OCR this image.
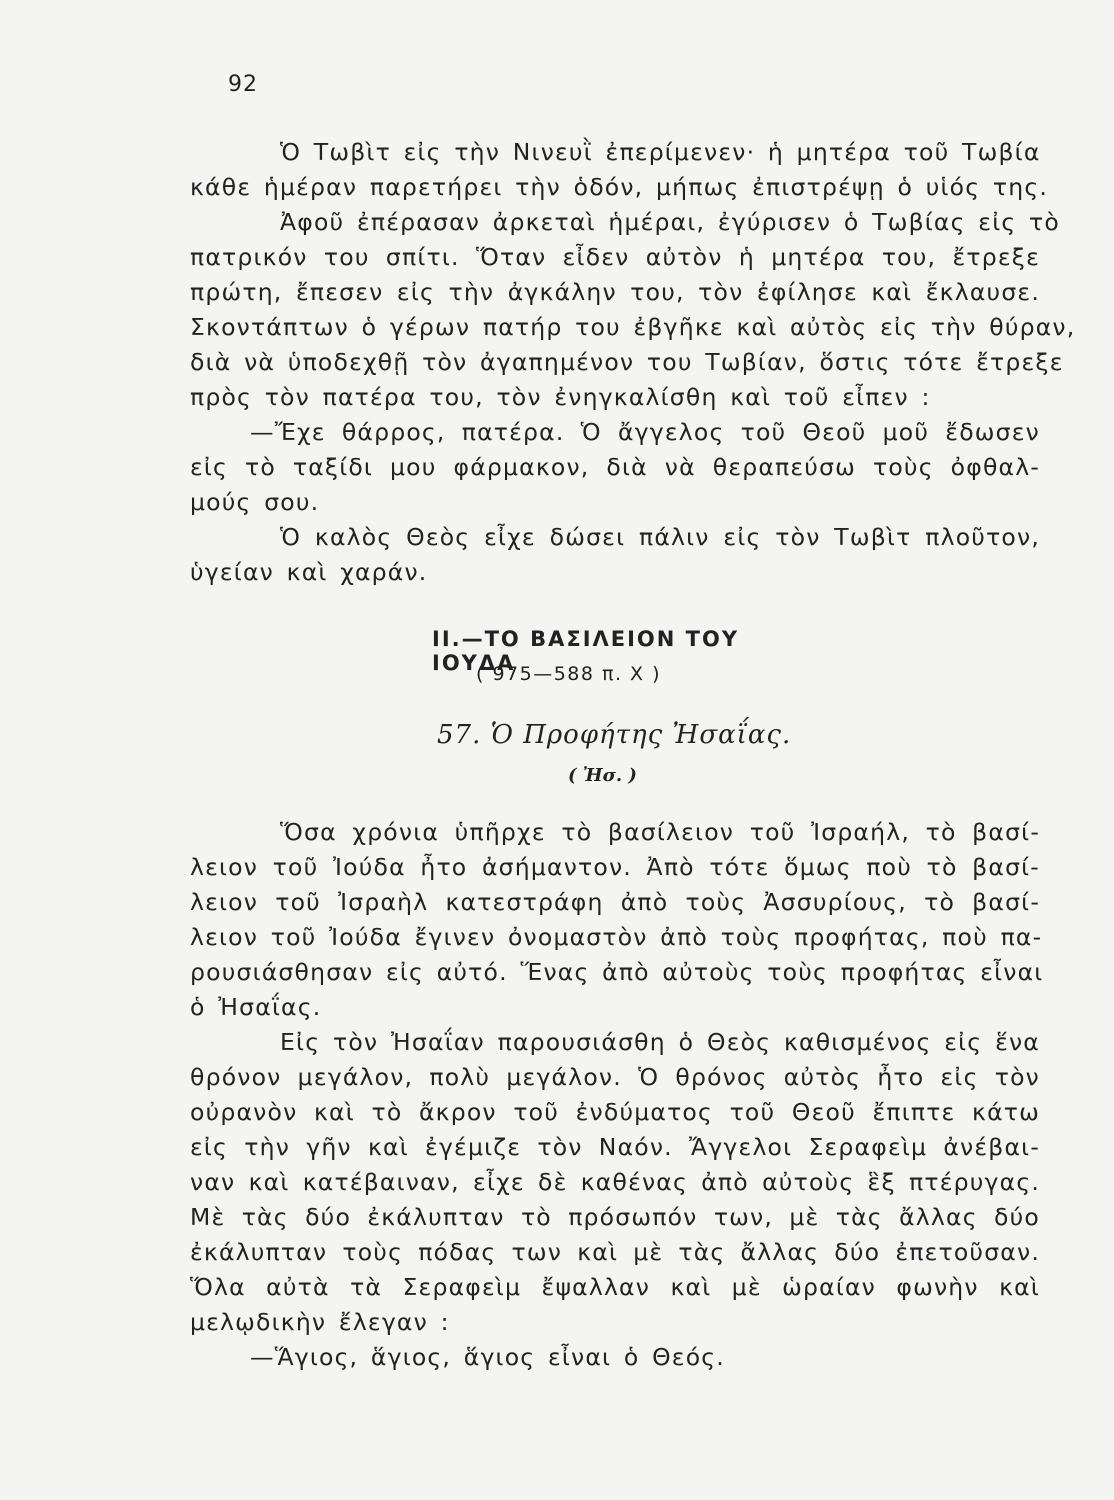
92
Ὁ Τωβὶτ εἰς τὴν Νινευῒ ἐπερίμενεν· ἡ μητέρα τοῦ Τωβία
κάθε ἡμέραν παρετήρει τὴν ὁδόν, μήπως ἐπιστρέψῃ ὁ υἱός της.
Ἀφοῦ ἐπέρασαν ἀρκεταὶ ἡμέραι, ἐγύρισεν ὁ Τωβίας εἰς τὸ
πατρικόν του σπίτι. Ὅταν εἶδεν αὐτὸν ἡ μητέρα του, ἔτρεξε
πρώτη, ἔπεσεν εἰς τὴν ἀγκάλην του, τὸν ἐφίλησε καὶ ἔκλαυσε.
Σκοντάπτων ὁ γέρων πατήρ του ἐβγῆκε καὶ αὐτὸς εἰς τὴν θύραν,
διὰ νὰ ὑποδεχθῇ τὸν ἀγαπημένον του Τωβίαν, ὅστις τότε ἔτρεξε
πρὸς τὸν πατέρα του, τὸν ἐνηγκαλίσθη καὶ τοῦ εἶπεν :
—Ἔχε θάρρος, πατέρα. Ὁ ἄγγελος τοῦ Θεοῦ μοῦ ἔδωσεν
εἰς τὸ ταξίδι μου φάρμακον, διὰ νὰ θεραπεύσω τοὺς ὀφθαλ-
μούς σου.
Ὁ καλὸς Θεὸς εἶχε δώσει πάλιν εἰς τὸν Τωβὶτ πλοῦτον,
ὑγείαν καὶ χαράν.
ΙΙ.—ΤΟ ΒΑΣΙΛΕΙΟΝ ΤΟΥ ΙΟΥΔΑ
( 975—588 π. Χ )
57. Ὁ Προφήτης Ἠσαΐας.
( Ἠσ. )
Ὅσα χρόνια ὑπῆρχε τὸ βασίλειον τοῦ Ἰσραήλ, τὸ βασί-
λειον τοῦ Ἰούδα ἦτο ἀσήμαντον. Ἀπὸ τότε ὅμως ποὺ τὸ βασί-
λειον τοῦ Ἰσραὴλ κατεστράφη ἀπὸ τοὺς Ἀσσυρίους, τὸ βασί-
λειον τοῦ Ἰούδα ἔγινεν ὀνομαστὸν ἀπὸ τοὺς προφήτας, ποὺ πα-
ρουσιάσθησαν εἰς αὐτό. Ἕνας ἀπὸ αὐτοὺς τοὺς προφήτας εἶναι
ὁ Ἠσαΐας.
Εἰς τὸν Ἠσαΐαν παρουσιάσθη ὁ Θεὸς καθισμένος εἰς ἕνα
θρόνον μεγάλον, πολὺ μεγάλον. Ὁ θρόνος αὐτὸς ἦτο εἰς τὸν
οὐρανὸν καὶ τὸ ἄκρον τοῦ ἐνδύματος τοῦ Θεοῦ ἔπιπτε κάτω
εἰς τὴν γῆν καὶ ἐγέμιζε τὸν Ναόν. Ἄγγελοι Σεραφεὶμ ἀνέβαι-
ναν καὶ κατέβαιναν, εἶχε δὲ καθένας ἀπὸ αὐτοὺς ἓξ πτέρυγας.
Μὲ τὰς δύο ἐκάλυπταν τὸ πρόσωπόν των, μὲ τὰς ἄλλας δύο
ἐκάλυπταν τοὺς πόδας των καὶ μὲ τὰς ἄλλας δύο ἐπετοῦσαν.
Ὅλα αὐτὰ τὰ Σεραφεὶμ ἔψαλλαν καὶ μὲ ὡραίαν φωνὴν καὶ
μελῳδικὴν ἔλεγαν :
—Ἅγιος, ἅγιος, ἅγιος εἶναι ὁ Θεός.
